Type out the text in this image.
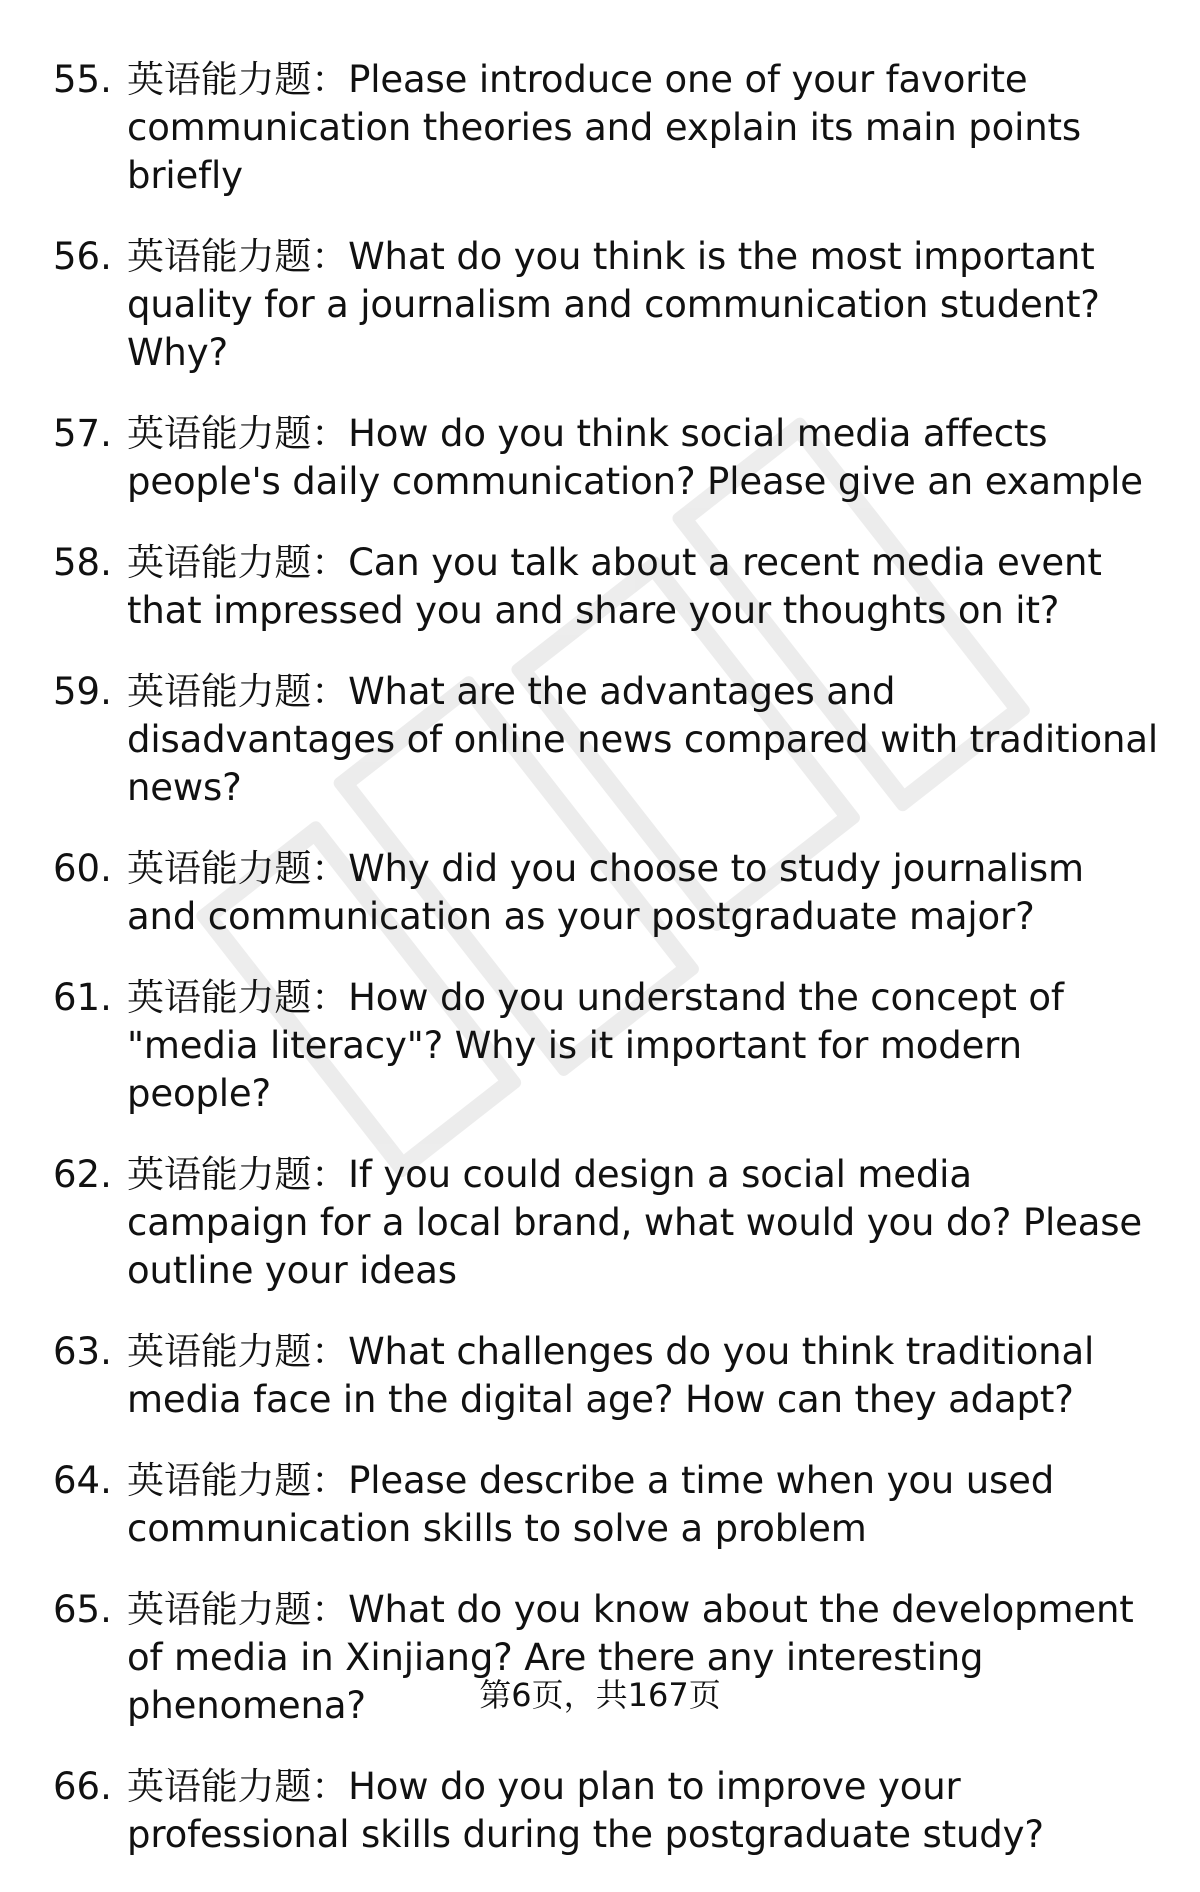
55. 英语能力题：Please introduce one of your favorite communication theories and explain its main points briefly
56. 英语能力题：What do you think is the most important quality for a journalism and communication student? Why?
57. 英语能力题：How do you think social media affects people's daily communication? Please give an example
58. 英语能力题：Can you talk about a recent media event that impressed you and share your thoughts on it?
59. 英语能力题：What are the advantages and disadvantages of online news compared with traditional news?
60. 英语能力题：Why did you choose to study journalism and communication as your postgraduate major?
61. 英语能力题：How do you understand the concept of "media literacy"? Why is it important for modern people?
62. 英语能力题：If you could design a social media campaign for a local brand, what would you do? Please outline your ideas
63. 英语能力题：What challenges do you think traditional media face in the digital age? How can they adapt?
64. 英语能力题：Please describe a time when you used communication skills to solve a problem
65. 英语能力题：What do you know about the development of media in Xinjiang? Are there any interesting phenomena?
66. 英语能力题：How do you plan to improve your professional skills during the postgraduate study?
第6页，共167页
